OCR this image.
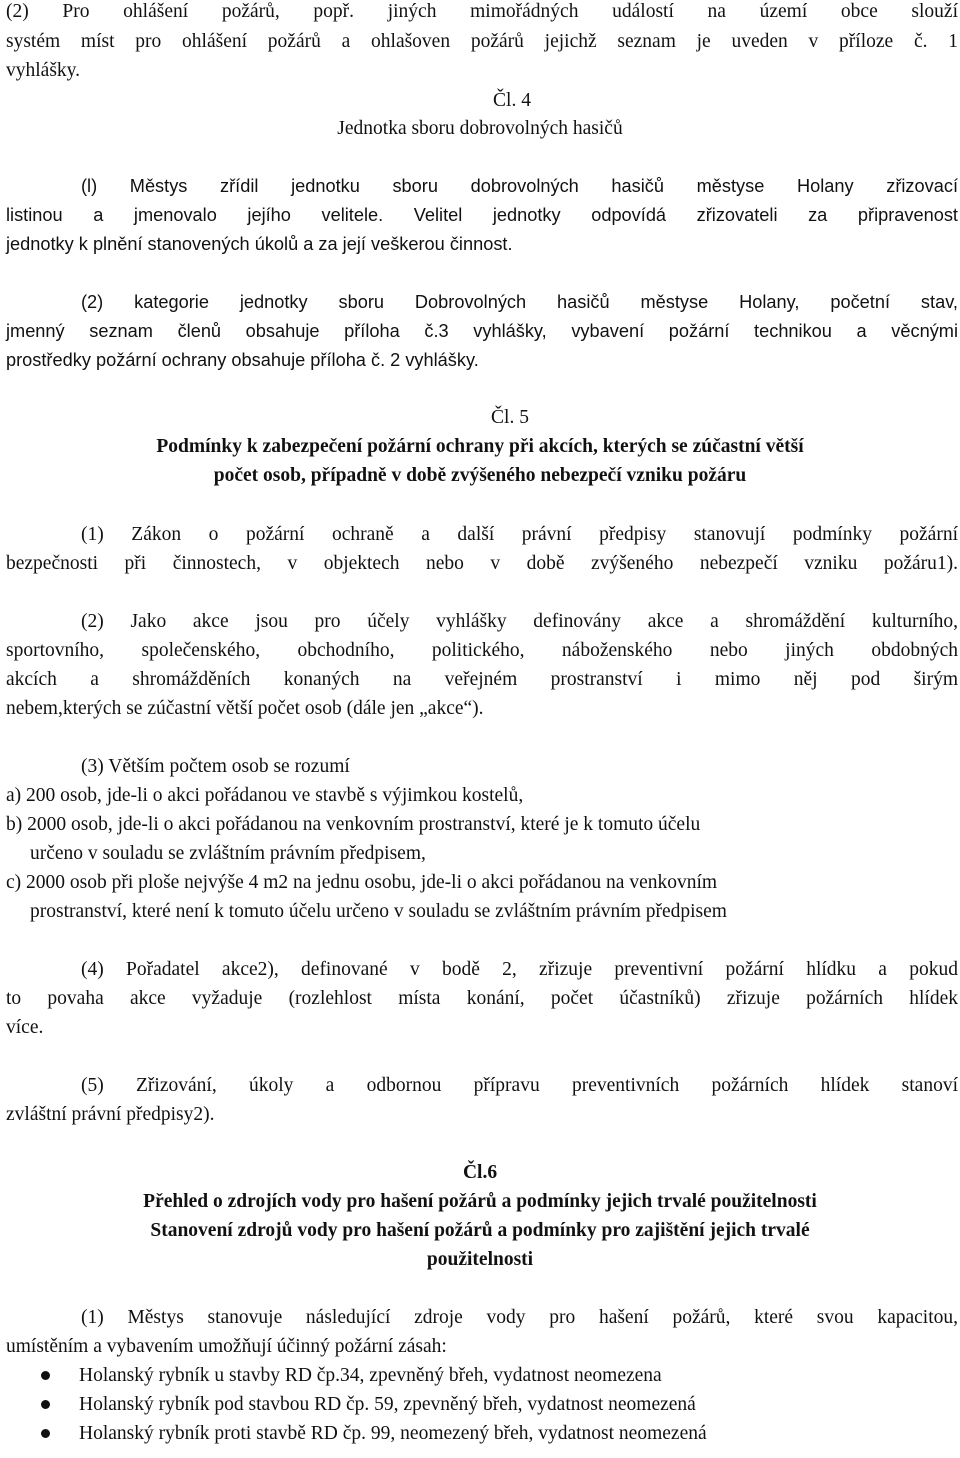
(2) Pro ohlášení požárů, popř. jiných mimořádných událostí na území obce slouží
systém míst pro ohlášení požárů a ohlašoven požárů jejichž seznam je uveden v příloze č. 1
vyhlášky.
Čl. 4
Jednotka sboru dobrovolných hasičů
(l) Městys zřídil jednotku sboru dobrovolných hasičů městyse Holany zřizovací
listinou a jmenovalo jejího velitele. Velitel jednotky odpovídá zřizovateli za připravenost
jednotky k plnění stanovených úkolů a za její veškerou činnost.
(2) kategorie jednotky sboru Dobrovolných hasičů městyse Holany, početní stav,
jmenný seznam členů obsahuje příloha č.3 vyhlášky, vybavení požární technikou a věcnými
prostředky požární ochrany obsahuje příloha č. 2 vyhlášky.
Čl. 5
Podmínky k zabezpečení požární ochrany při akcích, kterých se zúčastní větší
počet osob, případně v době zvýšeného nebezpečí vzniku požáru
(1) Zákon o požární ochraně a další právní předpisy stanovují podmínky požární
bezpečnosti při činnostech, v objektech nebo v době zvýšeného nebezpečí vzniku požáru1).
(2) Jako akce jsou pro účely vyhlášky definovány akce a shromáždění kulturního,
sportovního, společenského, obchodního, politického, náboženského nebo jiných obdobných
akcích a shromážděních konaných na veřejném prostranství i mimo něj pod širým
nebem,kterých se zúčastní větší počet osob (dále jen „akce“).
(3) Větším počtem osob se rozumí
a) 200 osob, jde-li o akci pořádanou ve stavbě s výjimkou kostelů,
b) 2000 osob, jde-li o akci pořádanou na venkovním prostranství, které je k tomuto účelu
určeno v souladu se zvláštním právním předpisem,
c) 2000 osob při ploše nejvýše 4 m2 na jednu osobu, jde-li o akci pořádanou na venkovním
prostranství, které není k tomuto účelu určeno v souladu se zvláštním právním předpisem
(4) Pořadatel akce2), definované v bodě 2, zřizuje preventivní požární hlídku a pokud
to povaha akce vyžaduje (rozlehlost místa konání, počet účastníků) zřizuje požárních hlídek
více.
(5) Zřizování, úkoly a odbornou přípravu preventivních požárních hlídek stanoví
zvláštní právní předpisy2).
Čl.6
Přehled o zdrojích vody pro hašení požárů a podmínky jejich trvalé použitelnosti
Stanovení zdrojů vody pro hašení požárů a podmínky pro zajištění jejich trvalé
použitelnosti
(1) Městys stanovuje následující zdroje vody pro hašení požárů, které svou kapacitou,
umístěním a vybavením umožňují účinný požární zásah:
Holanský rybník u stavby RD čp.34, zpevněný břeh, vydatnost neomezena
Holanský rybník pod stavbou RD čp. 59, zpevněný břeh, vydatnost neomezená
Holanský rybník proti stavbě RD čp. 99, neomezený břeh, vydatnost neomezená
